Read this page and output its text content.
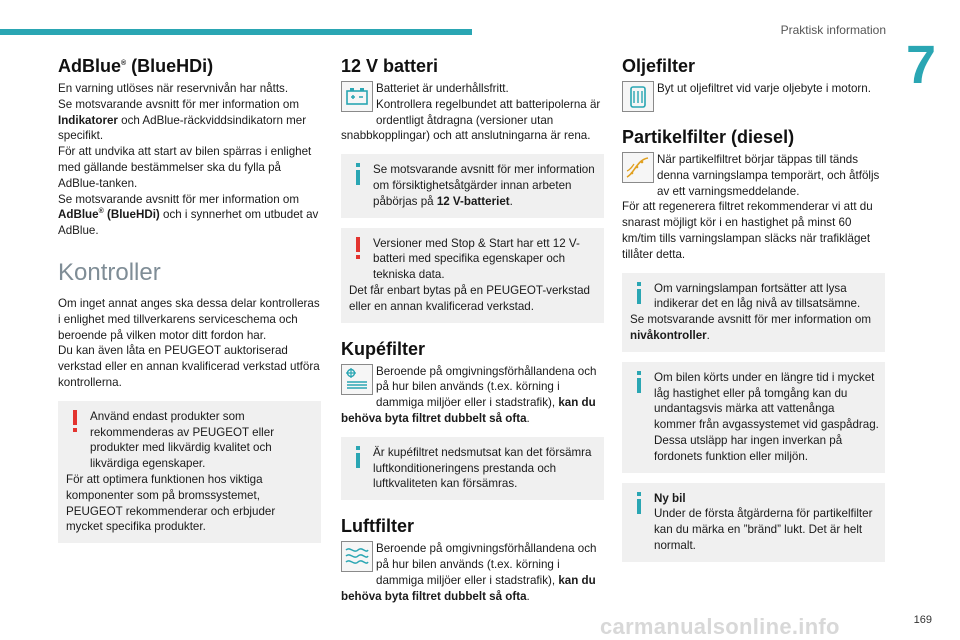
Praktisk information
7
AdBlue® (BlueHDi)

En varning utlöses när reservnivån har nåtts.
Se motsvarande avsnitt för mer information om Indikatorer och AdBlue-räckviddsindikatorn mer specifikt.

För att undvika att start av bilen spärras i enlighet med gällande bestämmelser ska du fylla på AdBlue-tanken.
Se motsvarande avsnitt för mer information om AdBlue® (BlueHDi) och i synnerhet om utbudet av AdBlue.

Kontroller

Om inget annat anges ska dessa delar kontrolleras i enlighet med tillverkarens serviceschema och beroende på vilken motor ditt fordon har.

Du kan även låta en PEUGEOT auktoriserad verkstad eller en annan kvalificerad verkstad utföra kontrollerna.

Använd endast produkter som rekommenderas av PEUGEOT eller produkter med likvärdig kvalitet och likvärdiga egenskaper.

För att optimera funktionen hos viktiga komponenter som på bromssystemet, PEUGEOT rekommenderar och erbjuder mycket specifika produkter.

12 V batteri

Batteriet är underhållsfritt.

Kontrollera regelbundet att batteripolerna är ordentligt åtdragna (versioner utan snabbkopplingar) och att anslutningarna är rena.

Se motsvarande avsnitt för mer information om försiktighetsåtgärder innan arbeten påbörjas på 12 V-batteriet.

Versioner med Stop & Start har ett 12 V-batteri med specifika egenskaper och tekniska data.

Det får enbart bytas på en PEUGEOT-verkstad eller en annan kvalificerad verkstad.

Kupéfilter

Beroende på omgivningsförhållandena och på hur bilen används (t.ex. körning i dammiga miljöer eller i stadstrafik), kan du behöva byta filtret dubbelt så ofta.

Är kupéfiltret nedsmutsat kan det försämra luftkonditioneringens prestanda och luftkvaliteten kan försämras.

Luftfilter

Beroende på omgivningsförhållandena och på hur bilen används (t.ex. körning i dammiga miljöer eller i stadstrafik), kan du behöva byta filtret dubbelt så ofta.

Oljefilter

Byt ut oljefiltret vid varje oljebyte i motorn.

Partikelfilter (diesel)

När partikelfiltret börjar täppas till tänds denna varningslampa temporärt, och åtföljs av ett varningsmeddelande.

För att regenerera filtret rekommenderar vi att du snarast möjligt kör i en hastighet på minst 60 km/tim tills varningslampan släcks när trafikläget tillåter detta.

Om varningslampan fortsätter att lysa indikerar det en låg nivå av tillsatsämne.

Se motsvarande avsnitt för mer information om nivåkontroller.

Om bilen körts under en längre tid i mycket låg hastighet eller på tomgång kan du undantagsvis märka att vattenånga kommer från avgassystemet vid gaspådrag. Dessa utsläpp har ingen inverkan på fordonets funktion eller miljön.

Ny bil

Under de första åtgärderna för partikelfilter kan du märka en ”bränd” lukt. Det är helt normalt.

carmanualsonline.info	169
